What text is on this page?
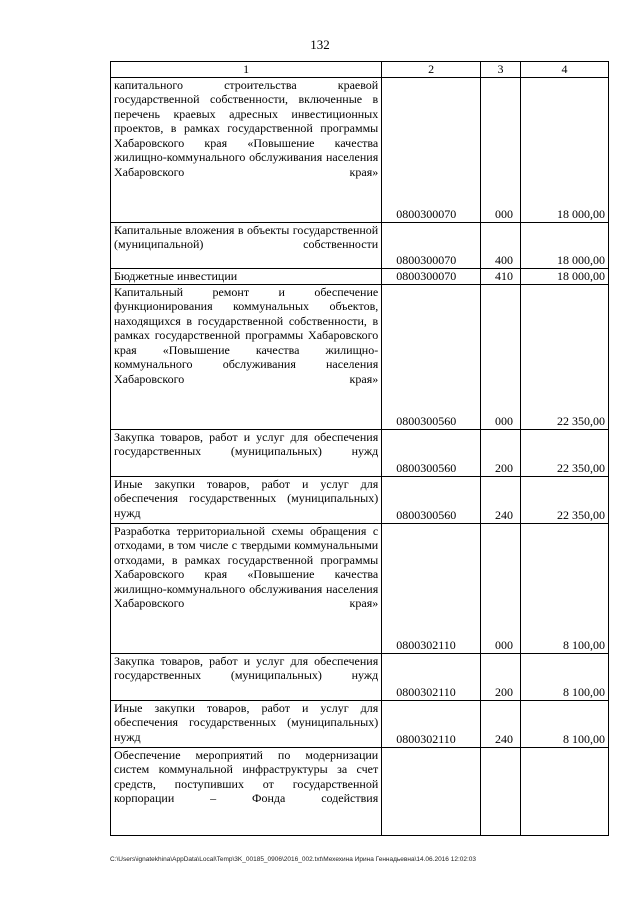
132
1	2	3	4
капитального строительства краевой государственной собственности, включенные в перечень краевых адресных инвестиционных проектов, в рамках государственной программы Хабаровского края «Повышение качества жилищно-коммунального обслуживания населения Хабаровского края»	0800300070	000	18 000,00
Капитальные вложения в объекты государственной (муниципальной) собственности	0800300070	400	18 000,00
Бюджетные инвестиции	0800300070	410	18 000,00
Капитальный ремонт и обеспечение функционирования коммунальных объектов, находящихся в государственной собственности, в рамках государственной программы Хабаровского края «Повышение качества жилищно-коммунального обслуживания населения Хабаровского края»	0800300560	000	22 350,00
Закупка товаров, работ и услуг для обеспечения государственных (муниципальных) нужд	0800300560	200	22 350,00
Иные закупки товаров, работ и услуг для обеспечения государственных (муниципальных) нужд	0800300560	240	22 350,00
Разработка территориальной схемы обращения с отходами, в том числе с твердыми коммунальными отходами, в рамках государственной программы Хабаровского края «Повышение качества жилищно-коммунального обслуживания населения Хабаровского края»	0800302110	000	8 100,00
Закупка товаров, работ и услуг для обеспечения государственных (муниципальных) нужд	0800302110	200	8 100,00
Иные закупки товаров, работ и услуг для обеспечения государственных (муниципальных) нужд	0800302110	240	8 100,00
Обеспечение мероприятий по модернизации систем коммунальной инфраструктуры за счет средств, поступивших от государственной корпорации – Фонда содействия			
C:\Users\ignatekhina\AppData\Local\Temp\3K_00185_0906\2016_002.txt\Мехехина Ирина Геннадьевна\14.06.2016 12:02:03
